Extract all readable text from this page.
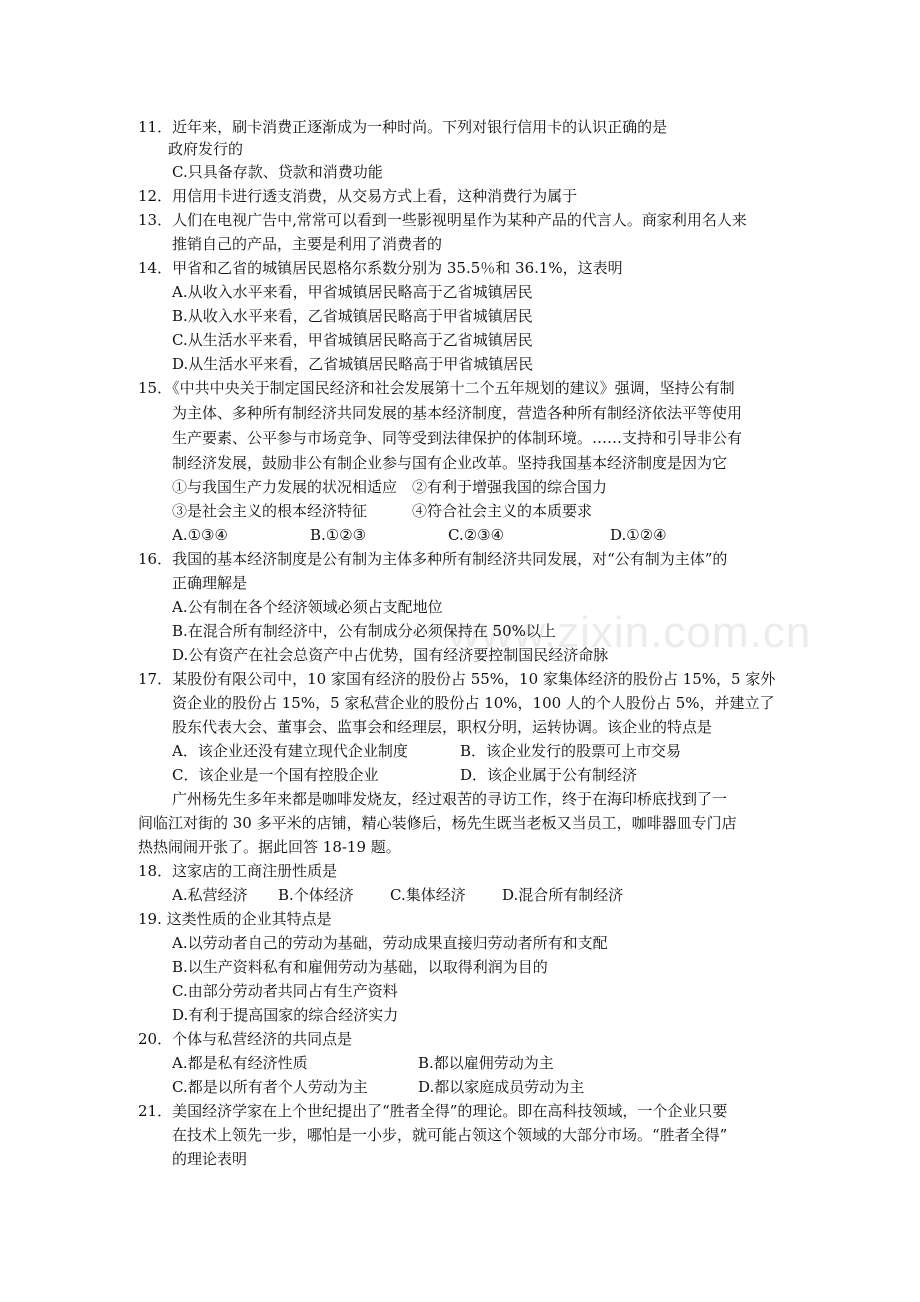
www.zixin.com.cn
11．近年来，刷卡消费正逐渐成为一种时尚。下列对银行信用卡的认识正确的是
政府发行的
C.只具备存款、贷款和消费功能
12．用信用卡进行透支消费，从交易方式上看，这种消费行为属于
13．人们在电视广告中,常常可以看到一些影视明星作为某种产品的代言人。商家利用名人来
推销自己的产品，主要是利用了消费者的
14．甲省和乙省的城镇居民恩格尔系数分别为 35.5％和 36.1%，这表明
A.从收入水平来看，甲省城镇居民略高于乙省城镇居民
B.从收入水平来看，乙省城镇居民略高于甲省城镇居民
C.从生活水平来看，甲省城镇居民略高于乙省城镇居民
D.从生活水平来看，乙省城镇居民略高于甲省城镇居民
15．《中共中央关于制定国民经济和社会发展第十二个五年规划的建议》强调，坚持公有制
为主体、多种所有制经济共同发展的基本经济制度，营造各种所有制经济依法平等使用
生产要素、公平参与市场竞争、同等受到法律保护的体制环境。……支持和引导非公有
制经济发展，鼓励非公有制企业参与国有企业改革。坚持我国基本经济制度是因为它
①与我国生产力发展的状况相适应　②有利于增强我国的综合国力
③是社会主义的根本经济特征　　　④符合社会主义的本质要求
A.①③④	B.①②③	C.②③④	D.①②④
16．我国的基本经济制度是公有制为主体多种所有制经济共同发展，对“公有制为主体”的
正确理解是
A.公有制在各个经济领域必须占支配地位
B.在混合所有制经济中，公有制成分必须保持在 50%以上
D.公有资产在社会总资产中占优势，国有经济要控制国民经济命脉
17．某股份有限公司中，10 家国有经济的股份占 55%，10 家集体经济的股份占 15%，5 家外
资企业的股份占 15%，5 家私营企业的股份占 10%，100 人的个人股份占 5%，并建立了
股东代表大会、董事会、监事会和经理层，职权分明，运转协调。该企业的特点是
A．该企业还没有建立现代企业制度	B．该企业发行的股票可上市交易
C．该企业是一个国有控股企业	D．该企业属于公有制经济
广州杨先生多年来都是咖啡发烧友，经过艰苦的寻访工作，终于在海印桥底找到了一
间临江对街的 30 多平米的店铺，精心装修后，杨先生既当老板又当员工，咖啡器皿专门店
热热闹闹开张了。据此回答 18-19 题。
18．这家店的工商注册性质是
A.私营经济 B.个体经济 C.集体经济 D.混合所有制经济
19. 这类性质的企业其特点是
A.以劳动者自己的劳动为基础，劳动成果直接归劳动者所有和支配
B.以生产资料私有和雇佣劳动为基础，以取得利润为目的
C.由部分劳动者共同占有生产资料
D.有利于提高国家的综合经济实力
20．个体与私营经济的共同点是
A.都是私有经济性质	B.都以雇佣劳动为主
C.都是以所有者个人劳动为主	D.都以家庭成员劳动为主
21．美国经济学家在上个世纪提出了“胜者全得”的理论。即在高科技领域，一个企业只要
在技术上领先一步，哪怕是一小步，就可能占领这个领域的大部分市场。“胜者全得”
的理论表明
